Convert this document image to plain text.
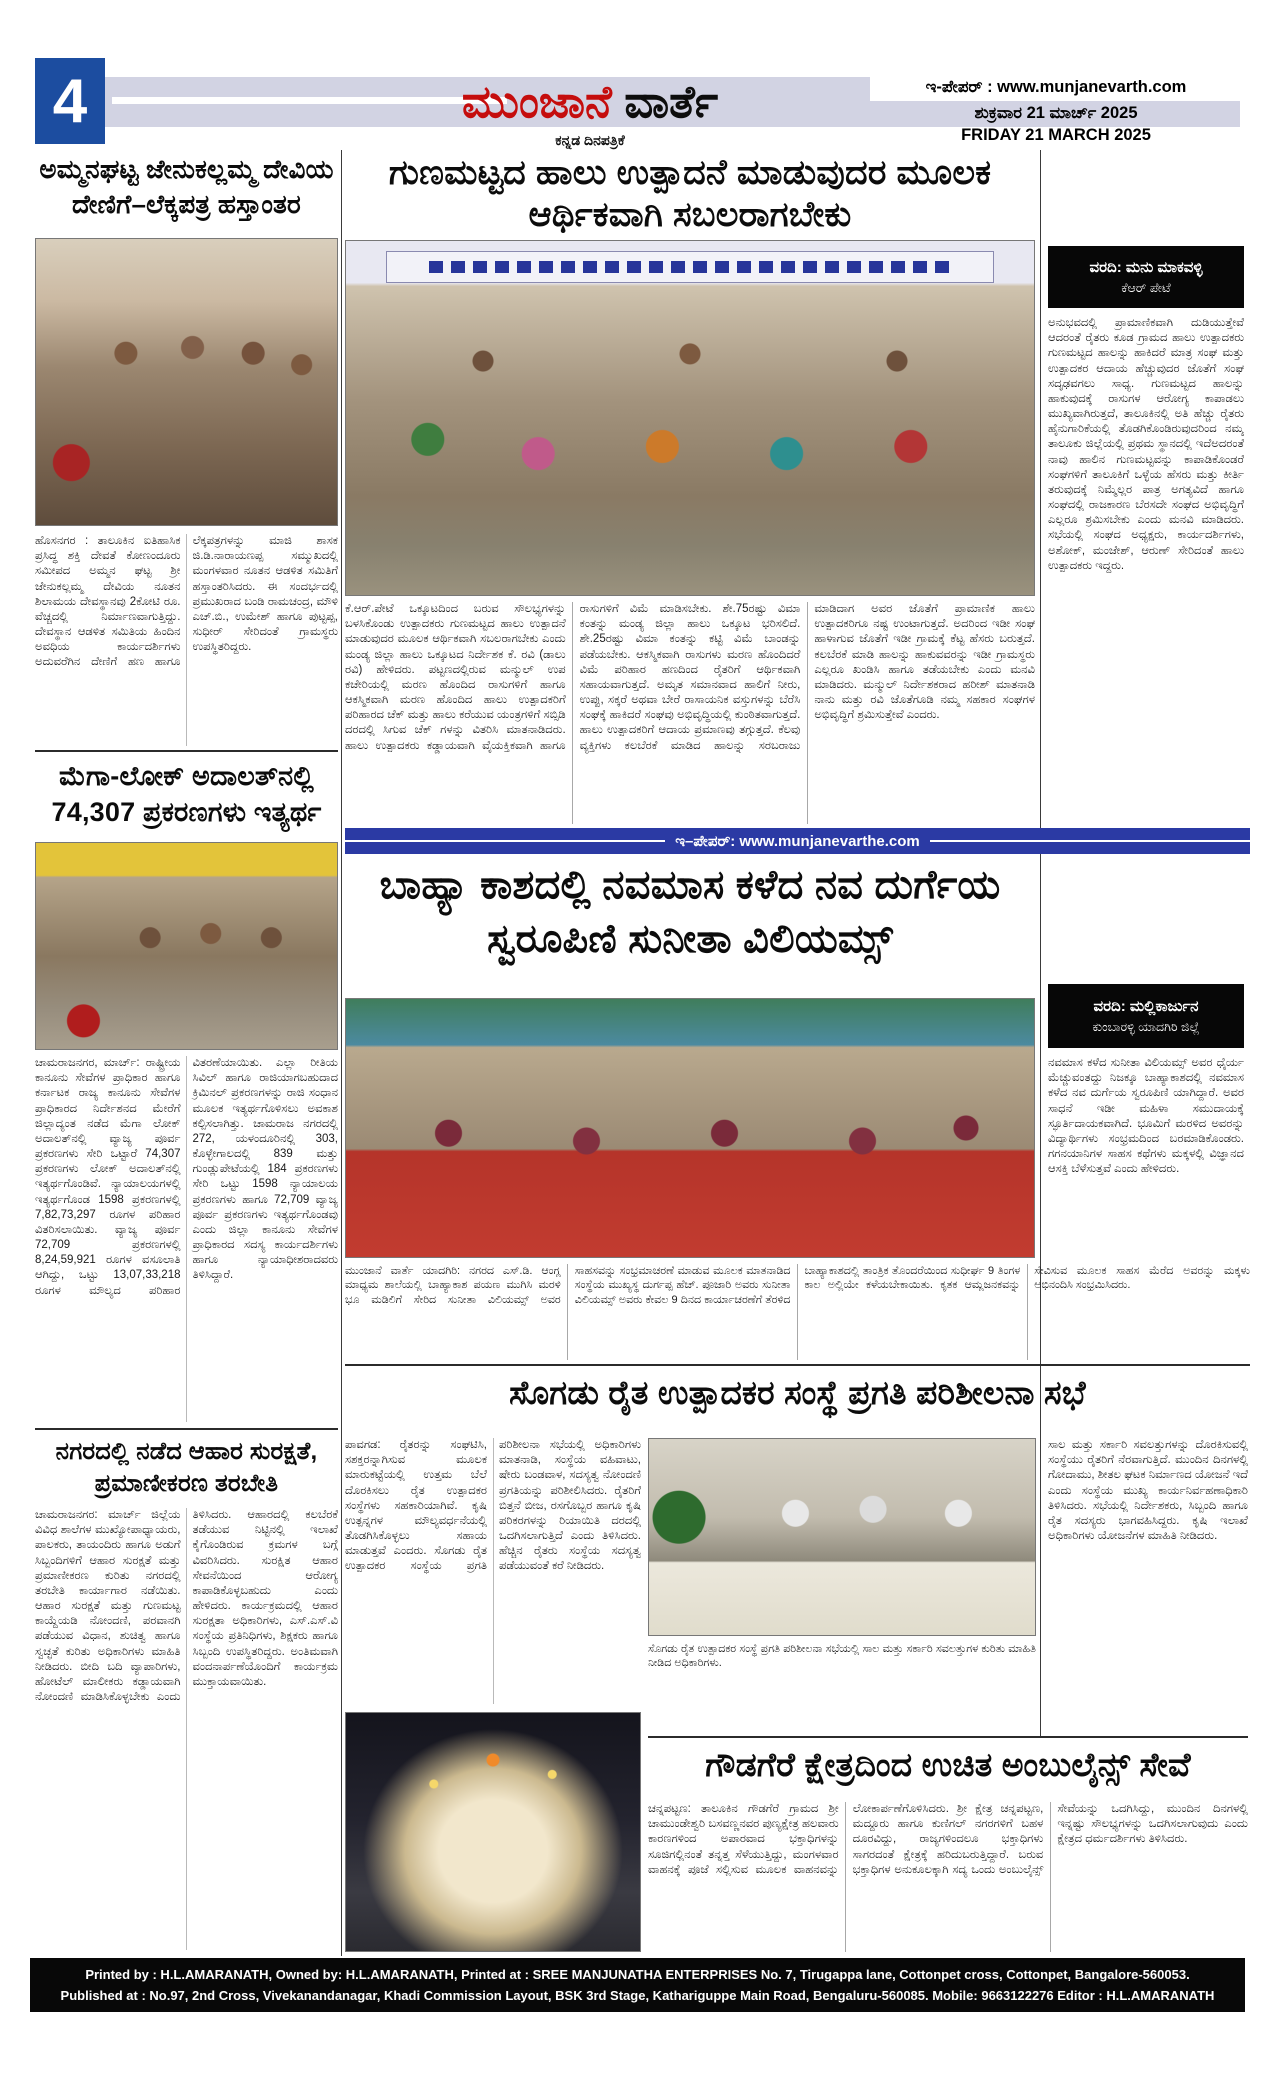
4	ಮುಂಜಾನೆ ವಾರ್ತೆ
ಕನ್ನಡ ದಿನಪತ್ರಿಕೆ
ಇ-ಪೇಪರ್ : www.munjanevarth.com
ಶುಕ್ರವಾರ 21 ಮಾರ್ಚ್ 2025
FRIDAY 21 MARCH 2025
ಅಮ್ಮನಘಟ್ಟ ಜೇನುಕಲ್ಲಮ್ಮ ದೇವಿಯ ದೇಣಿಗೆ–ಲೆಕ್ಕಪತ್ರ ಹಸ್ತಾಂತರ
ಹೊಸನಗರ : ತಾಲೂಕಿನ ಐತಿಹಾಸಿಕ ಪ್ರಸಿದ್ಧ ಶಕ್ತಿ ದೇವತೆ ಕೋಣಂದೂರು ಸಮೀಪದ ಅಮ್ಮನ ಘಟ್ಟ ಶ್ರೀ ಜೇನುಕಲ್ಲಮ್ಮ ದೇವಿಯ ನೂತನ ಶಿಲಾಮಯ ದೇವಸ್ಥಾನವು 2ಕೋಟಿ ರೂ. ವೆಚ್ಚದಲ್ಲಿ ನಿರ್ಮಾಣವಾಗುತ್ತಿದ್ದು. ದೇವಸ್ಥಾನ ಆಡಳಿತ ಸಮಿತಿಯ ಹಿಂದಿನ ಅವಧಿಯ ಕಾರ್ಯದರ್ಶಿಗಳು ಅದುವರೆಗಿನ ದೇಣಿಗೆ ಹಣ ಹಾಗೂ ಲೆಕ್ಕಪತ್ರಗಳನ್ನು ಮಾಜಿ ಶಾಸಕ ಜಿ.ಡಿ.ನಾರಾಯಣಪ್ಪ ಸಮ್ಮುಖದಲ್ಲಿ ಮಂಗಳವಾರ ನೂತನ ಆಡಳಿತ ಸಮಿತಿಗೆ ಹಸ್ತಾಂತರಿಸಿದರು. ಈ ಸಂದರ್ಭದಲ್ಲಿ ಪ್ರಮುಖರಾದ ಬಂಡಿ ರಾಮಚಂದ್ರ, ಮೌಳಿ ಎಚ್.ಬಿ., ಉಮೇಶ್ ಹಾಗೂ ಪುಟ್ಟಪ್ಪ, ಸುಧೀರ್ ಸೇರಿದಂತೆ ಗ್ರಾಮಸ್ಥರು ಉಪಸ್ಥಿತರಿದ್ದರು.
ಮೆಗಾ-ಲೋಕ್ ಅದಾಲತ್‌ನಲ್ಲಿ 74,307 ಪ್ರಕರಣಗಳು ಇತ್ಯರ್ಥ
ಚಾಮರಾಜನಗರ, ಮಾರ್ಚ್: ರಾಷ್ಟ್ರೀಯ ಕಾನೂನು ಸೇವೆಗಳ ಪ್ರಾಧಿಕಾರ ಹಾಗೂ ಕರ್ನಾಟಕ ರಾಜ್ಯ ಕಾನೂನು ಸೇವೆಗಳ ಪ್ರಾಧಿಕಾರದ ನಿರ್ದೇಶನದ ಮೇರೆಗೆ ಜಿಲ್ಲಾದ್ಯಂತ ನಡೆದ ಮೆಗಾ ಲೋಕ್ ಅದಾಲತ್‌ನಲ್ಲಿ ವ್ಯಾಜ್ಯ ಪೂರ್ವ ಪ್ರಕರಣಗಳು ಸೇರಿ ಒಟ್ಟಾರೆ 74,307 ಪ್ರಕರಣಗಳು ಲೋಕ್ ಅದಾಲತ್‌ನಲ್ಲಿ ಇತ್ಯರ್ಥಗೊಂಡಿವೆ. ನ್ಯಾಯಾಲಯಗಳಲ್ಲಿ ಇತ್ಯರ್ಥಗೊಂಡ 1598 ಪ್ರಕರಣಗಳಲ್ಲಿ 7,82,73,297 ರೂಗಳ ಪರಿಹಾರ ವಿತರಿಸಲಾಯಿತು. ವ್ಯಾಜ್ಯ ಪೂರ್ವ 72,709 ಪ್ರಕರಣಗಳಲ್ಲಿ 8,24,59,921 ರೂಗಳ ವಸೂಲಾತಿ ಆಗಿದ್ದು, ಒಟ್ಟು 13,07,33,218 ರೂಗಳ ಮೌಲ್ಯದ ಪರಿಹಾರ ವಿತರಣೆಯಾಯಿತು. ಎಲ್ಲಾ ರೀತಿಯ ಸಿವಿಲ್ ಹಾಗೂ ರಾಜಿಯಾಗಬಹುದಾದ ಕ್ರಿಮಿನಲ್ ಪ್ರಕರಣಗಳನ್ನು ರಾಜಿ ಸಂಧಾನ ಮೂಲಕ ಇತ್ಯರ್ಥಗೊಳಿಸಲು ಅವಕಾಶ ಕಲ್ಪಿಸಲಾಗಿತ್ತು. ಚಾಮರಾಜ ನಗರದಲ್ಲಿ 272, ಯಳಂದೂರಿನಲ್ಲಿ 303, ಕೊಳ್ಳೇಗಾಲದಲ್ಲಿ 839 ಮತ್ತು ಗುಂಡ್ಲುಪೇಟೆಯಲ್ಲಿ 184 ಪ್ರಕರಣಗಳು ಸೇರಿ ಒಟ್ಟು 1598 ನ್ಯಾಯಾಲಯ ಪ್ರಕರಣಗಳು ಹಾಗೂ 72,709 ವ್ಯಾಜ್ಯ ಪೂರ್ವ ಪ್ರಕರಣಗಳು ಇತ್ಯರ್ಥಗೊಂಡವು ಎಂದು ಜಿಲ್ಲಾ ಕಾನೂನು ಸೇವೆಗಳ ಪ್ರಾಧಿಕಾರದ ಸದಸ್ಯ ಕಾರ್ಯದರ್ಶಿಗಳು ಹಾಗೂ ನ್ಯಾಯಾಧೀಶರಾದವರು ತಿಳಿಸಿದ್ದಾರೆ.
ನಗರದಲ್ಲಿ ನಡೆದ ಆಹಾರ ಸುರಕ್ಷತೆ, ಪ್ರಮಾಣೀಕರಣ ತರಬೇತಿ
ಚಾಮರಾಜನಗರ: ಮಾರ್ಚ್ ಜಿಲ್ಲೆಯ ವಿವಿಧ ಶಾಲೆಗಳ ಮುಖ್ಯೋಪಾಧ್ಯಾಯರು, ಪಾಲಕರು, ತಾಯಂದಿರು ಹಾಗೂ ಅಡುಗೆ ಸಿಬ್ಬಂದಿಗಳಿಗೆ ಆಹಾರ ಸುರಕ್ಷತೆ ಮತ್ತು ಪ್ರಮಾಣೀಕರಣ ಕುರಿತು ನಗರದಲ್ಲಿ ತರಬೇತಿ ಕಾರ್ಯಾಗಾರ ನಡೆಯಿತು. ಆಹಾರ ಸುರಕ್ಷತೆ ಮತ್ತು ಗುಣಮಟ್ಟ ಕಾಯ್ದೆಯಡಿ ನೋಂದಣಿ, ಪರವಾನಗಿ ಪಡೆಯುವ ವಿಧಾನ, ಶುಚಿತ್ವ ಹಾಗೂ ಸ್ವಚ್ಛತೆ ಕುರಿತು ಅಧಿಕಾರಿಗಳು ಮಾಹಿತಿ ನೀಡಿದರು. ಬೀದಿ ಬದಿ ವ್ಯಾಪಾರಿಗಳು, ಹೋಟೆಲ್ ಮಾಲೀಕರು ಕಡ್ಡಾಯವಾಗಿ ನೋಂದಣಿ ಮಾಡಿಸಿಕೊಳ್ಳಬೇಕು ಎಂದು ತಿಳಿಸಿದರು. ಆಹಾರದಲ್ಲಿ ಕಲಬೆರಕೆ ತಡೆಯುವ ನಿಟ್ಟಿನಲ್ಲಿ ಇಲಾಖೆ ಕೈಗೊಂಡಿರುವ ಕ್ರಮಗಳ ಬಗ್ಗೆ ವಿವರಿಸಿದರು. ಸುರಕ್ಷಿತ ಆಹಾರ ಸೇವನೆಯಿಂದ ಆರೋಗ್ಯ ಕಾಪಾಡಿಕೊಳ್ಳಬಹುದು ಎಂದು ಹೇಳಿದರು. ಕಾರ್ಯಕ್ರಮದಲ್ಲಿ ಆಹಾರ ಸುರಕ್ಷತಾ ಅಧಿಕಾರಿಗಳು, ಎಸ್.ಎಸ್.ವಿ ಸಂಸ್ಥೆಯ ಪ್ರತಿನಿಧಿಗಳು, ಶಿಕ್ಷಕರು ಹಾಗೂ ಸಿಬ್ಬಂದಿ ಉಪಸ್ಥಿತರಿದ್ದರು. ಅಂತಿಮವಾಗಿ ವಂದನಾರ್ಪಣೆಯೊಂದಿಗೆ ಕಾರ್ಯಕ್ರಮ ಮುಕ್ತಾಯವಾಯಿತು.
ಗುಣಮಟ್ಟದ ಹಾಲು ಉತ್ಪಾದನೆ ಮಾಡುವುದರ ಮೂಲಕ ಆರ್ಥಿಕವಾಗಿ ಸಬಲರಾಗಬೇಕು
ವರದಿ: ಮನು ಮಾಕವಳ್ಳಿ
ಕೆಆರ್ ಪೇಟೆ
ಅನುಭವದಲ್ಲಿ ಪ್ರಾಮಾಣಿಕವಾಗಿ ದುಡಿಯುತ್ತೇವೆ ಆದರಂತೆ ರೈತರು ಕೂಡ ಗ್ರಾಮದ ಹಾಲು ಉತ್ಪಾದಕರು ಗುಣಮಟ್ಟದ ಹಾಲನ್ನು ಹಾಕಿದರೆ ಮಾತ್ರ ಸಂಘ ಮತ್ತು ಉತ್ಪಾದಕರ ಆದಾಯ ಹೆಚ್ಚುವುದರ ಜೊತೆಗೆ ಸಂಘ ಸದೃಢವಗಲು ಸಾಧ್ಯ. ಗುಣಮಟ್ಟದ ಹಾಲನ್ನು ಹಾಕುವುದಕ್ಕೆ ರಾಸುಗಳ ಆರೋಗ್ಯ ಕಾಪಾಡಲು ಮುಖ್ಯವಾಗಿರುತ್ತದೆ, ತಾಲೂಕಿನಲ್ಲಿ ಅತಿ ಹೆಚ್ಚು ರೈತರು ಹೈನುಗಾರಿಕೆಯಲ್ಲಿ ತೊಡಗಿಕೊಂಡಿರುವುದರಿಂದ ನಮ್ಮ ತಾಲೂಕು ಜಿಲ್ಲೆಯಲ್ಲಿ ಪ್ರಥಮ ಸ್ಥಾನದಲ್ಲಿ ಇದೆಅದರಂತೆ ನಾವು ಹಾಲಿನ ಗುಣಮಟ್ಟವನ್ನು ಕಾಪಾಡಿಕೊಂಡರೆ ಸಂಘಗಳಿಗೆ ತಾಲೂಕಿಗೆ ಒಳ್ಳೆಯ ಹೆಸರು ಮತ್ತು ಕೀರ್ತಿ ತರುವುದಕ್ಕೆ ನಿಮ್ಮೆಲ್ಲರ ಪಾತ್ರ ಅಗತ್ಯವಿದೆ ಹಾಗೂ ಸಂಘದಲ್ಲಿ ರಾಜಕಾರಣ ಬೆರಸದೇ ಸಂಘದ ಅಭಿವೃದ್ಧಿಗೆ ಎಲ್ಲರೂ ಶ್ರಮಿಸಬೇಕು ಎಂದು ಮನವಿ ಮಾಡಿದರು. ಸಭೆಯಲ್ಲಿ ಸಂಘದ ಅಧ್ಯಕ್ಷರು, ಕಾರ್ಯದರ್ಶಿಗಳು, ಅಶೋಕ್, ಮಂಜೇಶ್, ಆರುಣ್ ಸೇರಿದಂತೆ ಹಾಲು ಉತ್ಪಾದಕರು ಇದ್ದರು.
ಕೆ.ಆರ್.ಪೇಟೆ ಒಕ್ಕೂಟದಿಂದ ಬರುವ ಸೌಲಭ್ಯಗಳನ್ನು ಬಳಸಿಕೊಂಡು ಉತ್ಪಾದಕರು ಗುಣಮಟ್ಟದ ಹಾಲು ಉತ್ಪಾದನೆ ಮಾಡುವುದರ ಮೂಲಕ ಆರ್ಥಿಕವಾಗಿ ಸಬಲರಾಗಬೇಕು ಎಂದು ಮಂಡ್ಯ ಜಿಲ್ಲಾ ಹಾಲು ಒಕ್ಕೂಟದ ನಿರ್ದೇಶಕ ಕೆ. ರವಿ (ಡಾಲು ರವಿ) ಹೇಳಿದರು. ಪಟ್ಟಣದಲ್ಲಿರುವ ಮನ್ಮುಲ್ ಉಪ ಕಚೇರಿಯಲ್ಲಿ ಮರಣ ಹೊಂದಿದ ರಾಸುಗಳಿಗೆ ಹಾಗೂ ಆಕಸ್ಮಿಕವಾಗಿ ಮರಣ ಹೊಂದಿದ ಹಾಲು ಉತ್ಪಾದಕರಿಗೆ ಪರಿಹಾರದ ಚೆಕ್ ಮತ್ತು ಹಾಲು ಕರೆಯುವ ಯಂತ್ರಗಳಿಗೆ ಸಬ್ಸಿಡಿ ದರದಲ್ಲಿ ಸಿಗುವ ಚೆಕ್ ಗಳನ್ನು ವಿತರಿಸಿ ಮಾತನಾಡಿದರು. ಹಾಲು ಉತ್ಪಾದಕರು ಕಡ್ಡಾಯವಾಗಿ ವೈಯಕ್ತಿಕವಾಗಿ ಹಾಗೂ ರಾಸುಗಳಿಗೆ ವಿಮೆ ಮಾಡಿಸಬೇಕು. ಶೇ.75ರಷ್ಟು ವಿಮಾ ಕಂತನ್ನು ಮಂಡ್ಯ ಜಿಲ್ಲಾ ಹಾಲು ಒಕ್ಕೂಟ ಭರಿಸಲಿದೆ. ಶೇ.25ರಷ್ಟು ವಿಮಾ ಕಂತನ್ನು ಕಟ್ಟಿ ವಿಮೆ ಬಾಂಡನ್ನು ಪಡೆಯಬೇಕು. ಆಕಸ್ಮಿಕವಾಗಿ ರಾಸುಗಳು ಮರಣ ಹೊಂದಿದರೆ ವಿಮೆ ಪರಿಹಾರ ಹಣದಿಂದ ರೈತರಿಗೆ ಆರ್ಥಿಕವಾಗಿ ಸಹಾಯವಾಗುತ್ತದೆ. ಅಮೃತ ಸಮಾನವಾದ ಹಾಲಿಗೆ ನೀರು, ಉಪ್ಪು, ಸಕ್ಕರೆ ಅಥವಾ ಬೇರೆ ರಾಸಾಯನಿಕ ವಸ್ತುಗಳನ್ನು ಬೆರೆಸಿ ಸಂಘಕ್ಕೆ ಹಾಕಿದರೆ ಸಂಘವು ಅಭಿವೃದ್ಧಿಯಲ್ಲಿ ಕುಂಠಿತವಾಗುತ್ತದೆ. ಹಾಲು ಉತ್ಪಾದಕರಿಗೆ ಆದಾಯ ಪ್ರಮಾಣವು ತಗ್ಗುತ್ತದೆ. ಕೆಲವು ವ್ಯಕ್ತಿಗಳು ಕಲಬೆರಕೆ ಮಾಡಿದ ಹಾಲನ್ನು ಸರಬರಾಜು ಮಾಡಿದಾಗ ಅವರ ಜೊತೆಗೆ ಪ್ರಾಮಾಣಿಕ ಹಾಲು ಉತ್ಪಾದಕರಿಗೂ ನಷ್ಟ ಉಂಟಾಗುತ್ತದೆ. ಅದರಿಂದ ಇಡೀ ಸಂಘ ಹಾಳಾಗುವ ಜೊತೆಗೆ ಇಡೀ ಗ್ರಾಮಕ್ಕೆ ಕೆಟ್ಟ ಹೆಸರು ಬರುತ್ತದೆ. ಕಲಬೆರಕೆ ಮಾಡಿ ಹಾಲನ್ನು ಹಾಕುವವರನ್ನು ಇಡೀ ಗ್ರಾಮಸ್ಥರು ಎಲ್ಲರೂ ಖಂಡಿಸಿ ಹಾಗೂ ತಡೆಯಬೇಕು ಎಂದು ಮನವಿ ಮಾಡಿದರು. ಮನ್ಮುಲ್ ನಿರ್ದೇಶಕರಾದ ಹರೀಶ್ ಮಾತನಾಡಿ ನಾನು ಮತ್ತು ರವಿ ಜೊತೆಗೂಡಿ ನಮ್ಮ ಸಹಕಾರ ಸಂಘಗಳ ಅಭಿವೃದ್ಧಿಗೆ ಶ್ರಮಿಸುತ್ತೇವೆ ಎಂದರು.
ಇ–ಪೇಪರ್: www.munjanevarthe.com
ಬಾಹ್ಯಾ ಕಾಶದಲ್ಲಿ ನವಮಾಸ ಕಳೆದ ನವ ದುರ್ಗೆಯ ಸ್ವರೂಪಿಣಿ ಸುನೀತಾ ವಿಲಿಯಮ್ಸ್
ವರದಿ: ಮಲ್ಲಿಕಾರ್ಜುನ
ಕುಂಬಾರಳ್ಳಿ ಯಾದಗಿರಿ ಜಿಲ್ಲೆ
ನವಮಾಸ ಕಳೆದ ಸುನೀತಾ ವಿಲಿಯಮ್ಸ್ ಅವರ ಧೈರ್ಯ ಮೆಚ್ಚುವಂತದ್ದು ನಿಜಕ್ಕೂ ಬಾಹ್ಯಾಕಾಶದಲ್ಲಿ ನವಮಾಸ ಕಳೆದ ನವ ದುರ್ಗೆಯ ಸ್ವರೂಪಿಣಿ ಯಾಗಿದ್ದಾರೆ. ಅವರ ಸಾಧನೆ ಇಡೀ ಮಹಿಳಾ ಸಮುದಾಯಕ್ಕೆ ಸ್ಫೂರ್ತಿದಾಯಕವಾಗಿದೆ. ಭೂಮಿಗೆ ಮರಳಿದ ಅವರನ್ನು ವಿದ್ಯಾರ್ಥಿಗಳು ಸಂಭ್ರಮದಿಂದ ಬರಮಾಡಿಕೊಂಡರು. ಗಗನಯಾನಿಗಳ ಸಾಹಸ ಕಥೆಗಳು ಮಕ್ಕಳಲ್ಲಿ ವಿಜ್ಞಾನದ ಆಸಕ್ತಿ ಬೆಳೆಸುತ್ತವೆ ಎಂದು ಹೇಳಿದರು.
ಮುಂಜಾನೆ ವಾರ್ತೆ ಯಾದಗಿರಿ: ನಗರದ ಎಸ್.ಡಿ. ಆಂಗ್ಲ ಮಾಧ್ಯಮ ಶಾಲೆಯಲ್ಲಿ ಬಾಹ್ಯಾಕಾಶ ಪಯಣ ಮುಗಿಸಿ ಮರಳಿ ಭೂ ಮಡಿಲಿಗೆ ಸೇರಿದ ಸುನೀತಾ ವಿಲಿಯಮ್ಸ್ ಅವರ ಸಾಹಸವನ್ನು ಸಂಭ್ರಮಾಚರಣೆ ಮಾಡುವ ಮೂಲಕ ಮಾತನಾಡಿದ ಸಂಸ್ಥೆಯ ಮುಖ್ಯಸ್ಥ ದುರ್ಗಪ್ಪ ಹೆಚ್. ಪೂಜಾರಿ ಅವರು ಸುನೀತಾ ವಿಲಿಯಮ್ಸ್ ಅವರು ಕೇವಲ 9 ದಿನದ ಕಾರ್ಯಾಚರಣೆಗೆ ತೆರಳಿದ ಬಾಹ್ಯಾಕಾಶದಲ್ಲಿ ತಾಂತ್ರಿಕ ತೊಂದರೆಯಿಂದ ಸುಧೀರ್ಘ 9 ತಿಂಗಳ ಕಾಲ ಅಲ್ಲಿಯೇ ಕಳೆಯಬೇಕಾಯಿತು. ಕೃತಕ ಆಮ್ಲಜನಕವನ್ನು ಸೇವಿಸುವ ಮೂಲಕ ಸಾಹಸ ಮೆರೆದ ಅವರನ್ನು ಮಕ್ಕಳು ಅಭಿನಂದಿಸಿ ಸಂಭ್ರಮಿಸಿದರು.
ಸೊಗಡು ರೈತ ಉತ್ಪಾದಕರ ಸಂಸ್ಥೆ ಪ್ರಗತಿ ಪರಿಶೀಲನಾ ಸಭೆ
ಪಾವಗಡ: ರೈತರನ್ನು ಸಂಘಟಿಸಿ, ಸಶಕ್ತರನ್ನಾಗಿಸುವ ಮೂಲಕ ಮಾರುಕಟ್ಟೆಯಲ್ಲಿ ಉತ್ತಮ ಬೆಲೆ ದೊರಕಿಸಲು ರೈತ ಉತ್ಪಾದಕರ ಸಂಸ್ಥೆಗಳು ಸಹಕಾರಿಯಾಗಿವೆ. ಕೃಷಿ ಉತ್ಪನ್ನಗಳ ಮೌಲ್ಯವರ್ಧನೆಯಲ್ಲಿ ತೊಡಗಿಸಿಕೊಳ್ಳಲು ಸಹಾಯ ಮಾಡುತ್ತವೆ ಎಂದರು. ಸೊಗಡು ರೈತ ಉತ್ಪಾದಕರ ಸಂಸ್ಥೆಯ ಪ್ರಗತಿ ಪರಿಶೀಲನಾ ಸಭೆಯಲ್ಲಿ ಅಧಿಕಾರಿಗಳು ಮಾತನಾಡಿ, ಸಂಸ್ಥೆಯ ವಹಿವಾಟು, ಷೇರು ಬಂಡವಾಳ, ಸದಸ್ಯತ್ವ ನೋಂದಣಿ ಪ್ರಗತಿಯನ್ನು ಪರಿಶೀಲಿಸಿದರು. ರೈತರಿಗೆ ಬಿತ್ತನೆ ಬೀಜ, ರಸಗೊಬ್ಬರ ಹಾಗೂ ಕೃಷಿ ಪರಿಕರಗಳನ್ನು ರಿಯಾಯಿತಿ ದರದಲ್ಲಿ ಒದಗಿಸಲಾಗುತ್ತಿದೆ ಎಂದು ತಿಳಿಸಿದರು. ಹೆಚ್ಚಿನ ರೈತರು ಸಂಸ್ಥೆಯ ಸದಸ್ಯತ್ವ ಪಡೆಯುವಂತೆ ಕರೆ ನೀಡಿದರು.
ಸೊಗಡು ರೈತ ಉತ್ಪಾದಕರ ಸಂಸ್ಥೆ ಪ್ರಗತಿ ಪರಿಶೀಲನಾ ಸಭೆಯಲ್ಲಿ ಸಾಲ ಮತ್ತು ಸರ್ಕಾರಿ ಸವಲತ್ತುಗಳ ಕುರಿತು ಮಾಹಿತಿ ನೀಡಿದ ಅಧಿಕಾರಿಗಳು.
ಸಾಲ ಮತ್ತು ಸರ್ಕಾರಿ ಸವಲತ್ತುಗಳನ್ನು ದೊರಕಿಸುವಲ್ಲಿ ಸಂಸ್ಥೆಯು ರೈತರಿಗೆ ನೆರವಾಗುತ್ತಿದೆ. ಮುಂದಿನ ದಿನಗಳಲ್ಲಿ ಗೋದಾಮು, ಶೀತಲ ಘಟಕ ನಿರ್ಮಾಣದ ಯೋಜನೆ ಇದೆ ಎಂದು ಸಂಸ್ಥೆಯ ಮುಖ್ಯ ಕಾರ್ಯನಿರ್ವಹಣಾಧಿಕಾರಿ ತಿಳಿಸಿದರು. ಸಭೆಯಲ್ಲಿ ನಿರ್ದೇಶಕರು, ಸಿಬ್ಬಂದಿ ಹಾಗೂ ರೈತ ಸದಸ್ಯರು ಭಾಗವಹಿಸಿದ್ದರು. ಕೃಷಿ ಇಲಾಖೆ ಅಧಿಕಾರಿಗಳು ಯೋಜನೆಗಳ ಮಾಹಿತಿ ನೀಡಿದರು.
ಗೌಡಗೆರೆ ಕ್ಷೇತ್ರದಿಂದ ಉಚಿತ ಅಂಬುಲೈನ್ಸ್ ಸೇವೆ
ಚನ್ನಪಟ್ಟಣ: ತಾಲೂಕಿನ ಗೌಡಗೆರೆ ಗ್ರಾಮದ ಶ್ರೀ ಚಾಮುಂಡೇಶ್ವರಿ ಬಸವಣ್ಣನವರ ಪುಣ್ಯಕ್ಷೇತ್ರ ಹಲವಾರು ಕಾರಣಗಳಿಂದ ಅಪಾರವಾದ ಭಕ್ತಾಧಿಗಳನ್ನು ಸೂಜಿಗಲ್ಲಿನಂತೆ ತನ್ನತ್ತ ಸೆಳೆಯುತ್ತಿದ್ದು, ಮಂಗಳವಾರ ವಾಹನಕ್ಕೆ ಪೂಜೆ ಸಲ್ಲಿಸುವ ಮೂಲಕ ವಾಹನವನ್ನು ಲೋಕಾರ್ಪಣೆಗೊಳಿಸಿದರು. ಶ್ರೀ ಕ್ಷೇತ್ರ ಚನ್ನಪಟ್ಟಣ, ಮದ್ದೂರು ಹಾಗೂ ಕುಣಿಗಲ್ ನಗರಗಳಿಗೆ ಬಹಳ ದೂರವಿದ್ದು, ರಾಜ್ಯಗಳಿಂದಲೂ ಭಕ್ತಾಧಿಗಳು ಸಾಗರದಂತೆ ಕ್ಷೇತ್ರಕ್ಕೆ ಹರಿದುಬರುತ್ತಿದ್ದಾರೆ. ಬರುವ ಭಕ್ತಾಧಿಗಳ ಅನುಕೂಲಕ್ಕಾಗಿ ಸದ್ಯ ಒಂದು ಅಂಬುಲೈನ್ಸ್ ಸೇವೆಯನ್ನು ಒದಗಿಸಿದ್ದು, ಮುಂದಿನ ದಿನಗಳಲ್ಲಿ ಇನ್ನಷ್ಟು ಸೌಲಭ್ಯಗಳನ್ನು ಒದಗಿಸಲಾಗುವುದು ಎಂದು ಕ್ಷೇತ್ರದ ಧರ್ಮದರ್ಶಿಗಳು ತಿಳಿಸಿದರು.
Printed by : H.L.AMARANATH, Owned by: H.L.AMARANATH, Printed at : SREE MANJUNATHA ENTERPRISES No. 7, Tirugappa lane, Cottonpet cross, Cottonpet, Bangalore-560053.
Published at : No.97, 2nd Cross, Vivekanandanagar, Khadi Commission Layout, BSK 3rd Stage, Kathariguppe Main Road, Bengaluru-560085. Mobile: 9663122276 Editor : H.L.AMARANATH
